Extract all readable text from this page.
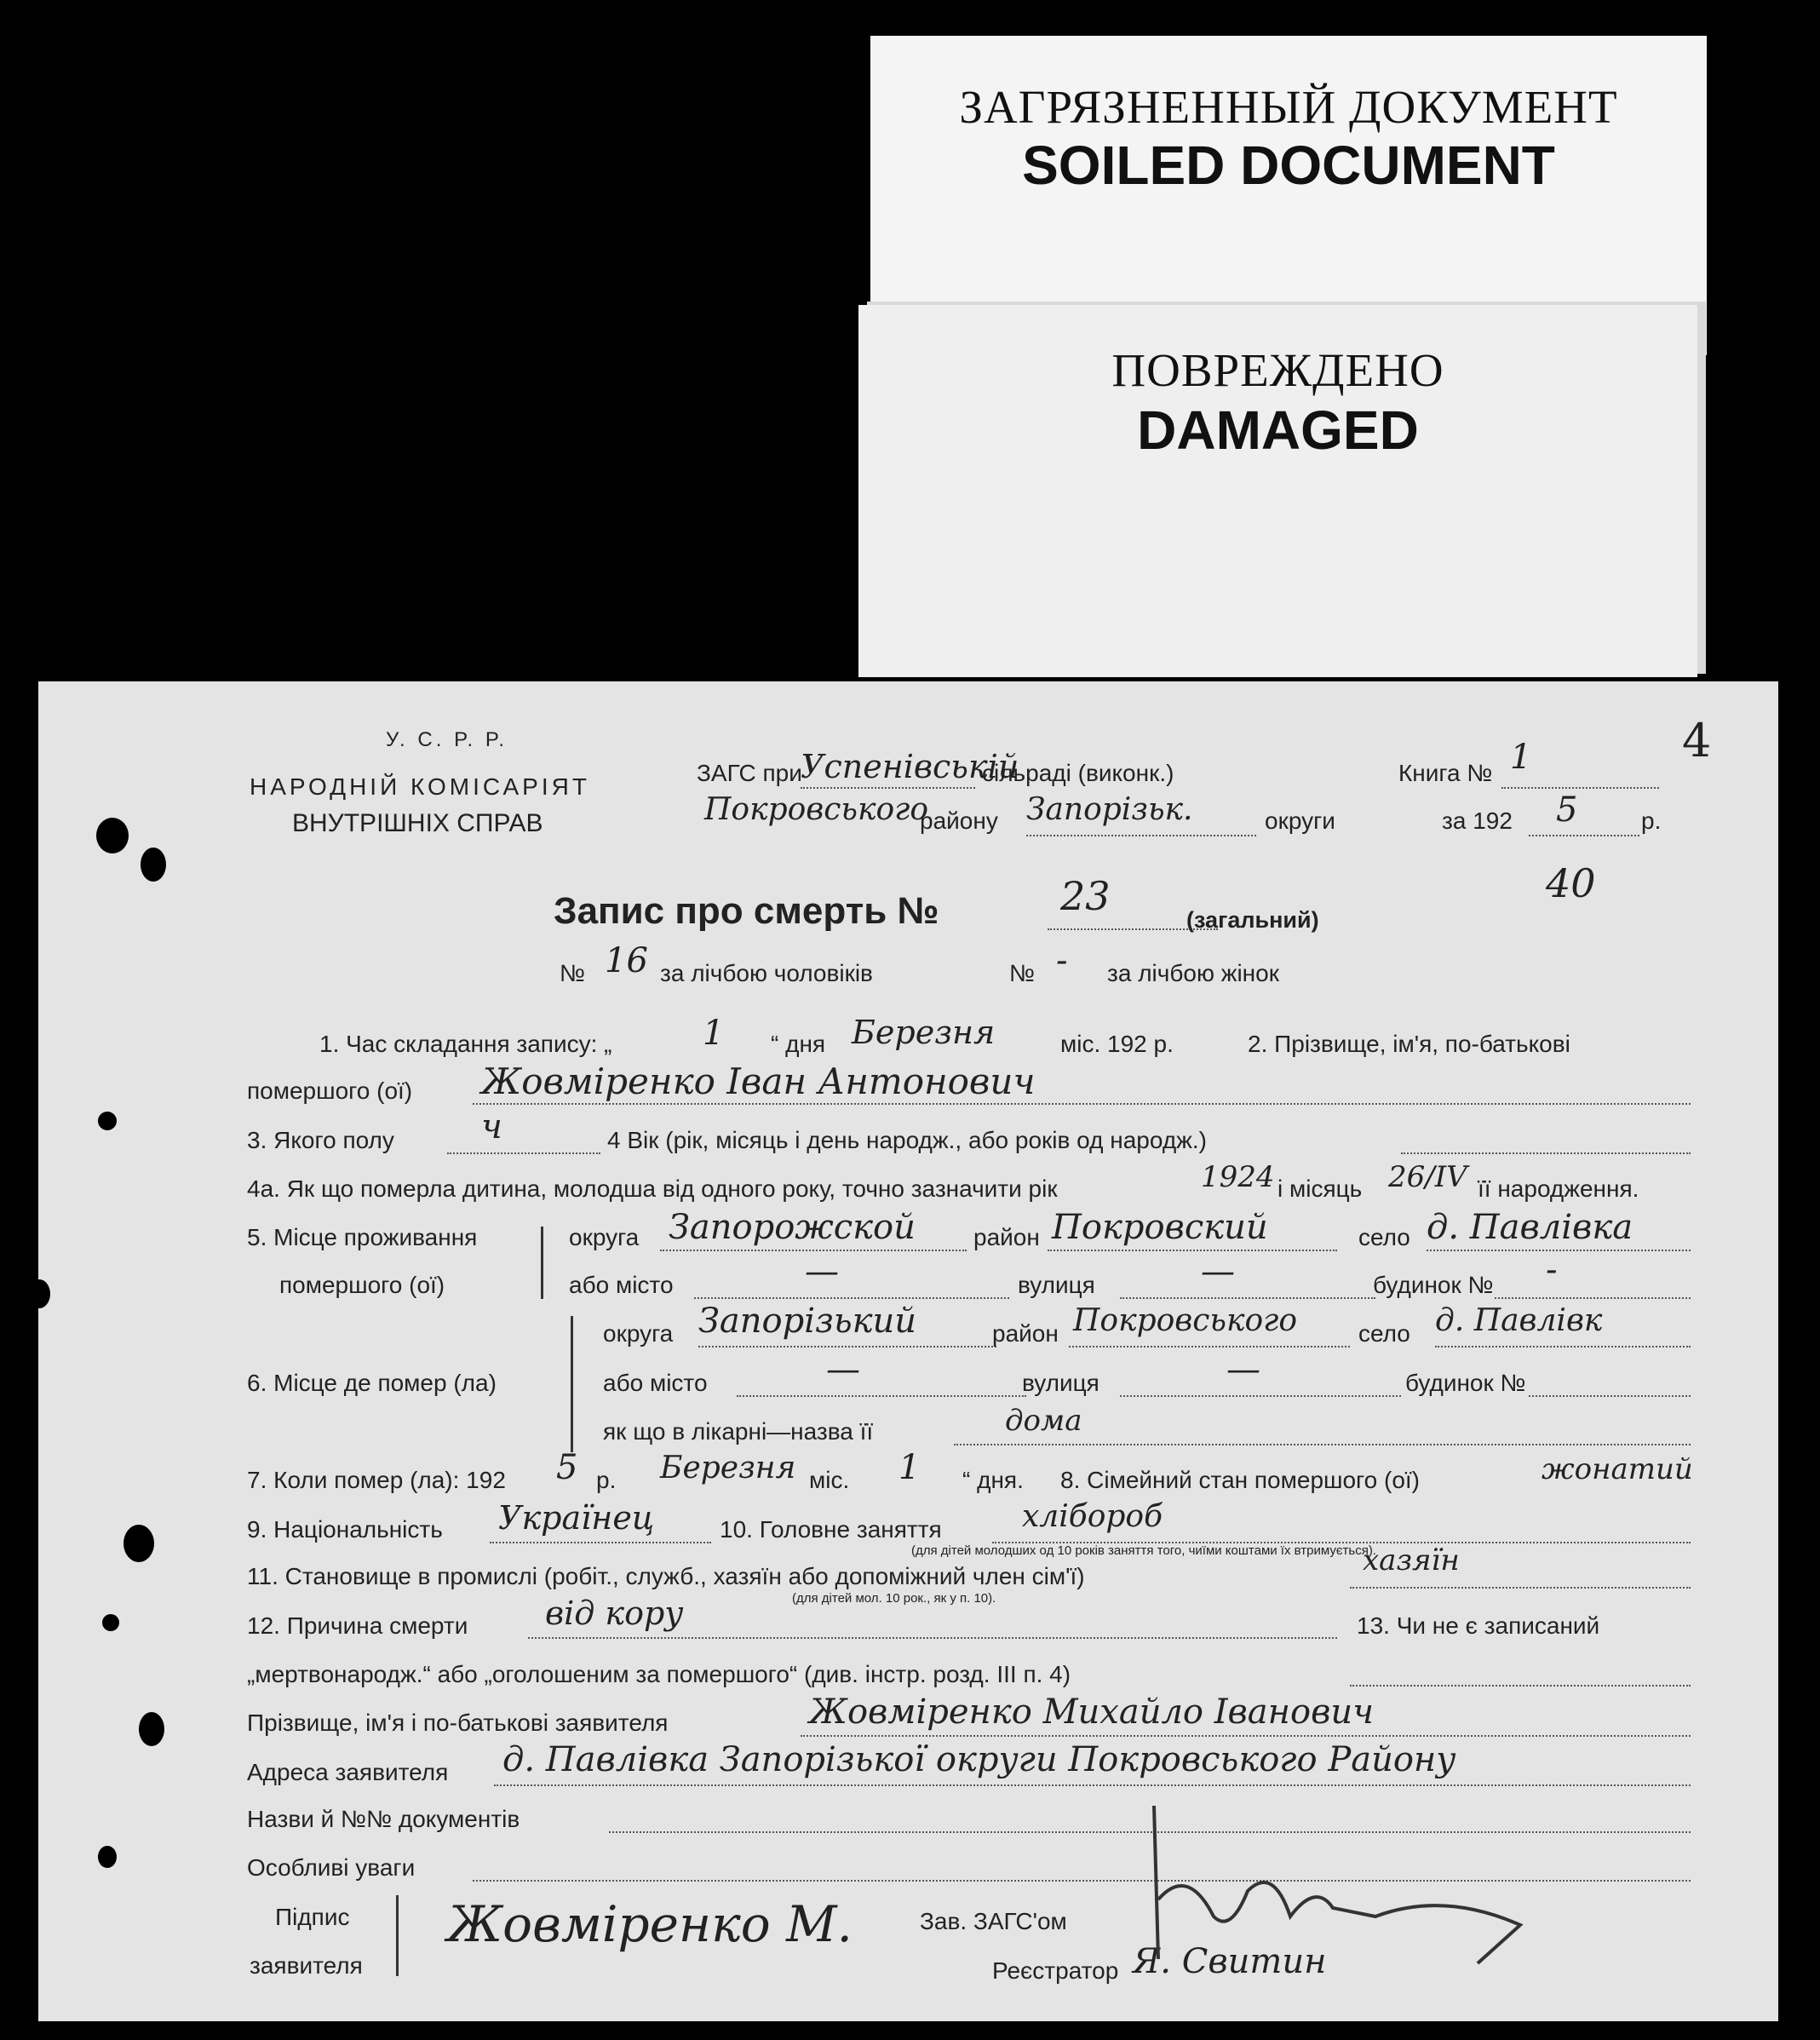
ЗАГРЯЗНЕННЫЙ ДОКУМЕНТ
SOILED DOCUMENT
ПОВРЕЖДЕНО
DAMAGED
У. С. Р. Р.
НАРОДНІЙ КОМІСАРІЯТ
ВНУТРІШНІХ СПРАВ
ЗАГС при
Успенівській
сільраді (виконк.)	Книга № 1
Покровського
району Запорізьк.	округи	за 192 5	р.
4
40
Запис про смерть №	23
(загальний)
№ 16 за лічбою чоловіків	№ - за лічбою жінок
1. Час складання запису: „	1 “ дня Березня	міс. 192 р.	2. Прізвище, ім'я, по-батькові
помершого (ої) Жовміренко Іван Антонович
3. Якого полу	ч	4 Вік (рік, місяць і день народж., або років од народж.)
4а. Як що померла дитина, молодша від одного року, точно зазначити рік	1924 і місяць 26/IV її народження.
5. Місце проживання
помершого (ої)
округа Запорожской район Покровский	село д. Павлівка
або місто	—	вулиця	—	будинок № -
округа Запорізький	район Покровського	село д. Павлівк
6. Місце де помер (ла)	або місто	—	вулиця	—	будинок №
як що в лікарні—назва її	дома
7. Коли помер (ла): 192 5 р. Березня міс. 1 “ дня. 8. Сімейний стан помершого (ої)	жонатий
9. Національність Українец	10. Головне заняття	хлібороб
(для дітей молодших од 10 років заняття того, чиїми коштами їх втримується).
11. Становище в промислі (робіт., служб., хазяїн або допоміжний член сім'ї)	хазяїн
(для дітей мол. 10 рок., як у п. 10).
12. Причина смерти від кору	13. Чи не є записаний
„мертвонародж.“ або „оголошеним за помершого“ (див. інстр. розд. III п. 4)
Прізвище, ім'я і по-батькові заявителя	Жовміренко Михайло Іванович
Адреса заявителя д. Павлівка Запорізької округи Покровського Району
Назви й №№ документів
Особливі уваги
Підпис
заявителя
Жовміренко М.	Зав. ЗАГС'ом
Реєстратор Я. Свитин
